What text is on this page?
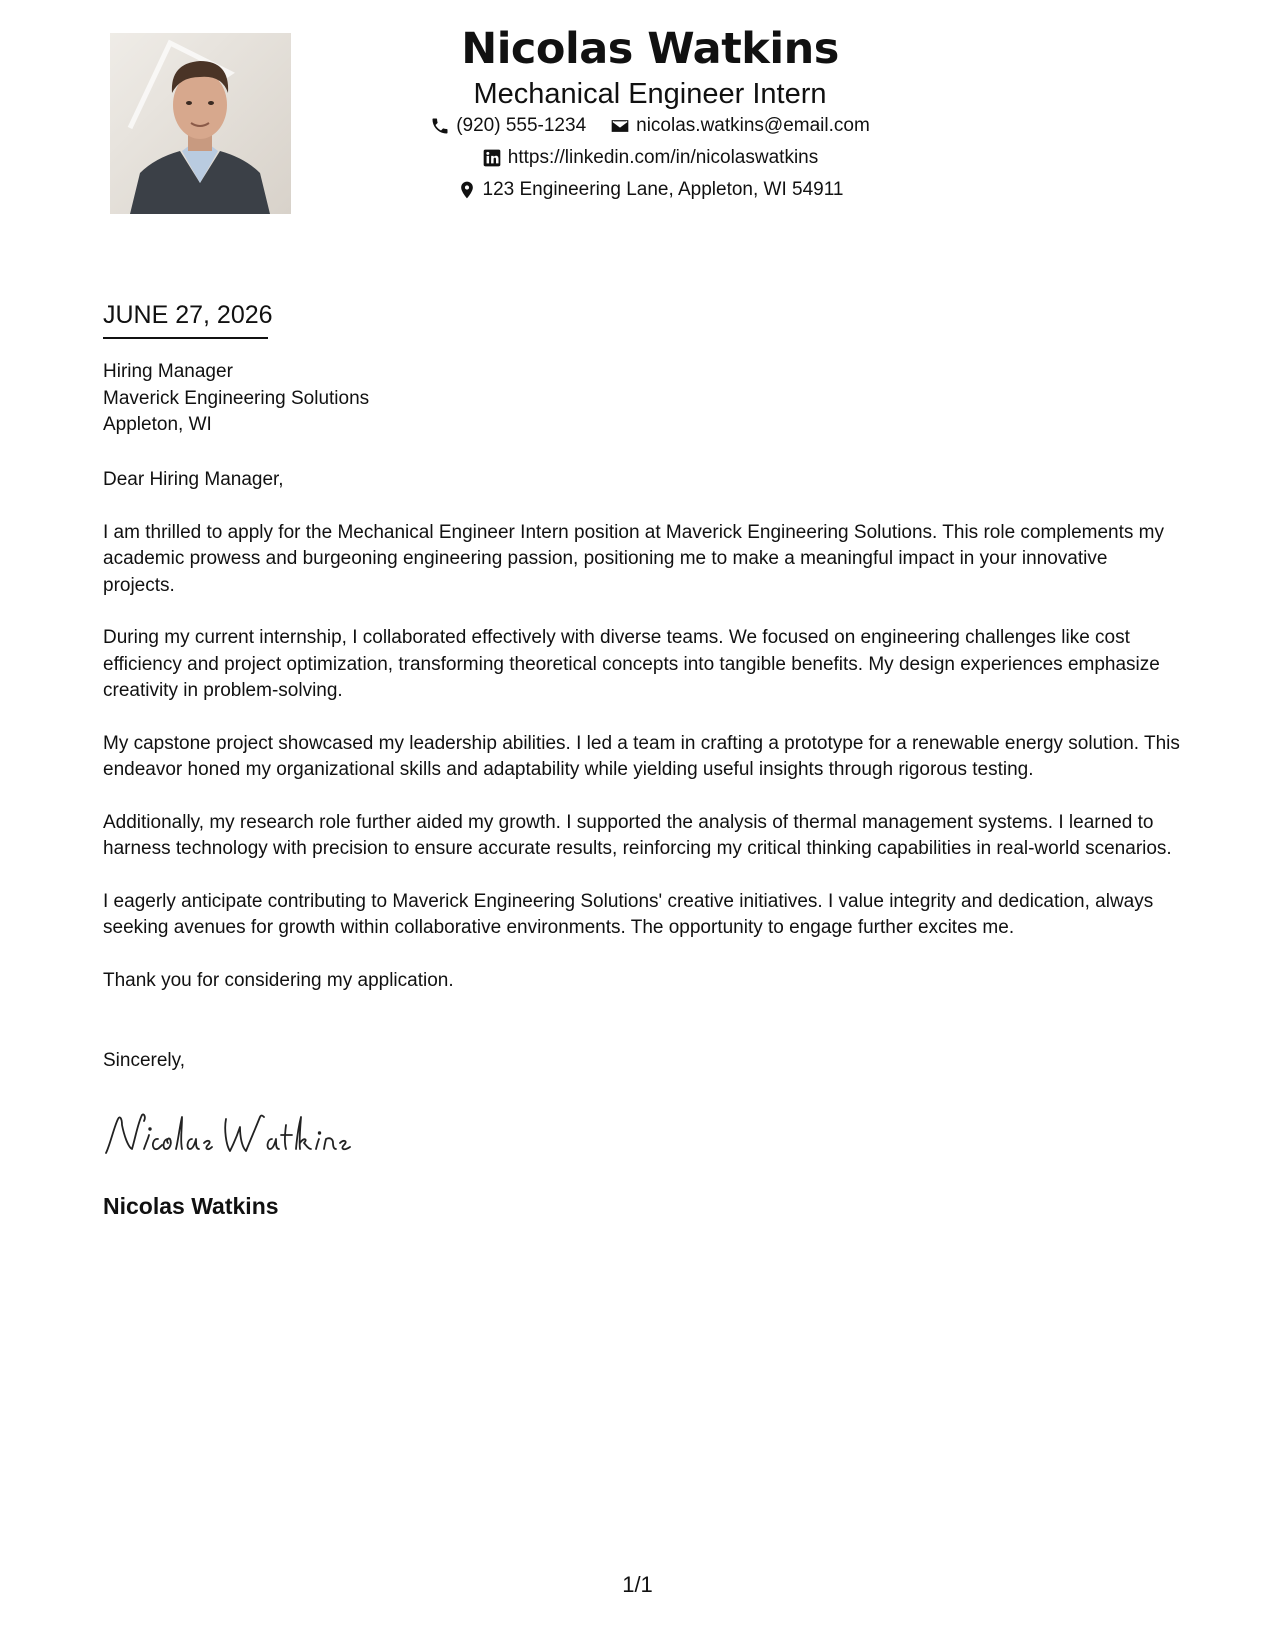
Nicolas Watkins
Mechanical Engineer Intern
(920) 555-1234	nicolas.watkins@email.com
https://linkedin.com/in/nicolaswatkins
123 Engineering Lane, Appleton, WI 54911
JUNE 27, 2026
Hiring Manager
Maverick Engineering Solutions
Appleton, WI

Dear Hiring Manager,

I am thrilled to apply for the Mechanical Engineer Intern position at Maverick Engineering Solutions. This role complements my academic prowess and burgeoning engineering passion, positioning me to make a meaningful impact in your innovative projects.

During my current internship, I collaborated effectively with diverse teams. We focused on engineering challenges like cost efficiency and project optimization, transforming theoretical concepts into tangible benefits. My design experiences emphasize creativity in problem-solving.

My capstone project showcased my leadership abilities. I led a team in crafting a prototype for a renewable energy solution. This endeavor honed my organizational skills and adaptability while yielding useful insights through rigorous testing.

Additionally, my research role further aided my growth. I supported the analysis of thermal management systems. I learned to harness technology with precision to ensure accurate results, reinforcing my critical thinking capabilities in real-world scenarios.

I eagerly anticipate contributing to Maverick Engineering Solutions' creative initiatives. I value integrity and dedication, always seeking avenues for growth within collaborative environments. The opportunity to engage further excites me.

Thank you for considering my application.

Sincerely,
Nicolas Watkins
1/1
